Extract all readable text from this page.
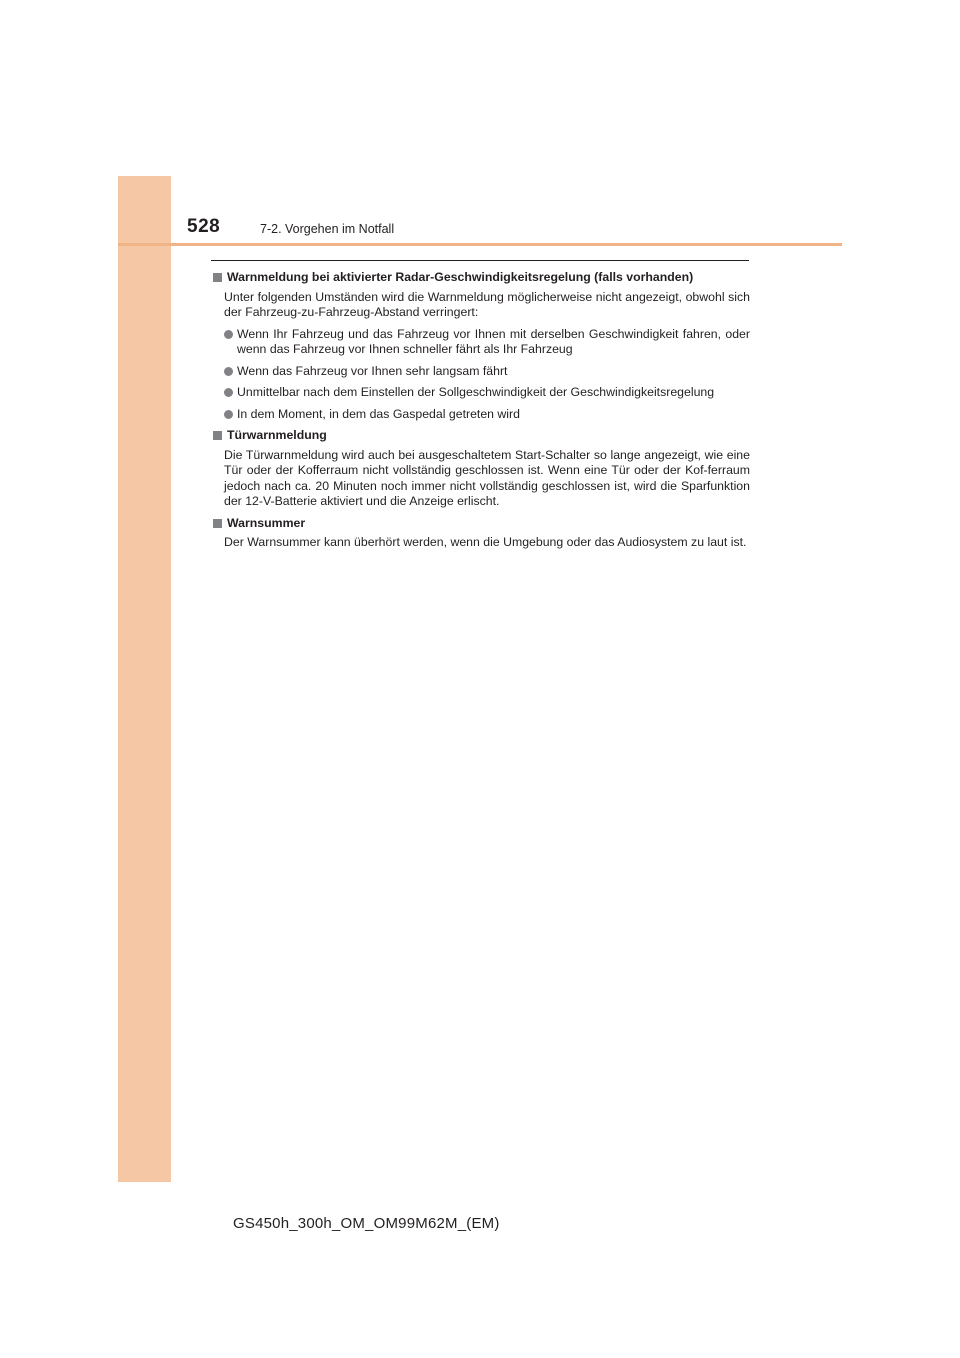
528	7-2. Vorgehen im Notfall
Warnmeldung bei aktivierter Radar-Geschwindigkeitsregelung (falls vorhanden)
Unter folgenden Umständen wird die Warnmeldung möglicherweise nicht angezeigt, obwohl sich der Fahrzeug-zu-Fahrzeug-Abstand verringert:
Wenn Ihr Fahrzeug und das Fahrzeug vor Ihnen mit derselben Geschwindigkeit fahren, oder wenn das Fahrzeug vor Ihnen schneller fährt als Ihr Fahrzeug
Wenn das Fahrzeug vor Ihnen sehr langsam fährt
Unmittelbar nach dem Einstellen der Sollgeschwindigkeit der Geschwindigkeitsregelung
In dem Moment, in dem das Gaspedal getreten wird
Türwarnmeldung
Die Türwarnmeldung wird auch bei ausgeschaltetem Start-Schalter so lange angezeigt, wie eine Tür oder der Kofferraum nicht vollständig geschlossen ist. Wenn eine Tür oder der Kof-ferraum jedoch nach ca. 20 Minuten noch immer nicht vollständig geschlossen ist, wird die Sparfunktion der 12-V-Batterie aktiviert und die Anzeige erlischt.
Warnsummer
Der Warnsummer kann überhört werden, wenn die Umgebung oder das Audiosystem zu laut ist.
GS450h_300h_OM_OM99M62M_(EM)
